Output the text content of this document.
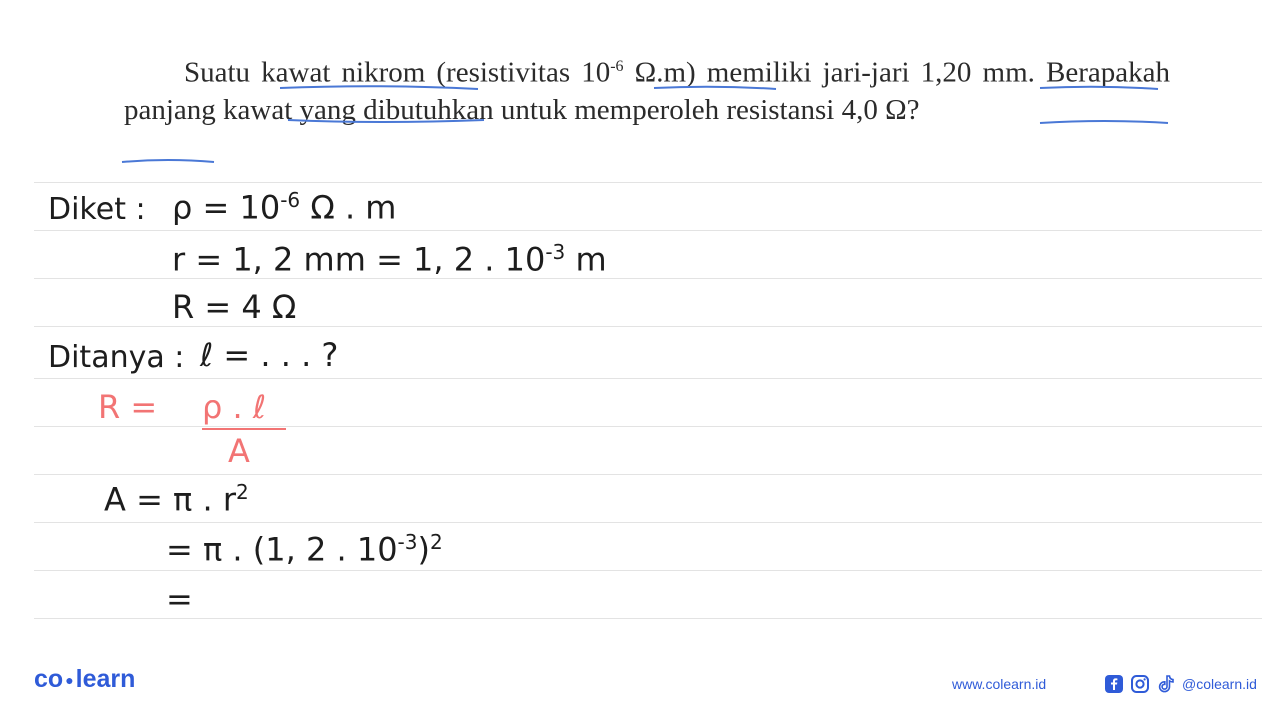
Suatu kawat nikrom (resistivitas $10^{-6}$ Ω.m) memiliki jari-jari 1,20 mm. Berapakah panjang kawat yang dibutuhkan untuk memperoleh resistansi 4,0 Ω?
Diket : $\rho = 10^{-6}$ Ω . m
r = 1, 2 mm = 1, 2 . $10^{-3}$ m
R = 4 Ω
Ditanya : ℓ = . . . ?
R = ρ . ℓ
A
A = π . $r^2$
= π . (1, 2 . $10^{-3})^2$
=
co ●learn	www.colearn.id	@colearn.id
